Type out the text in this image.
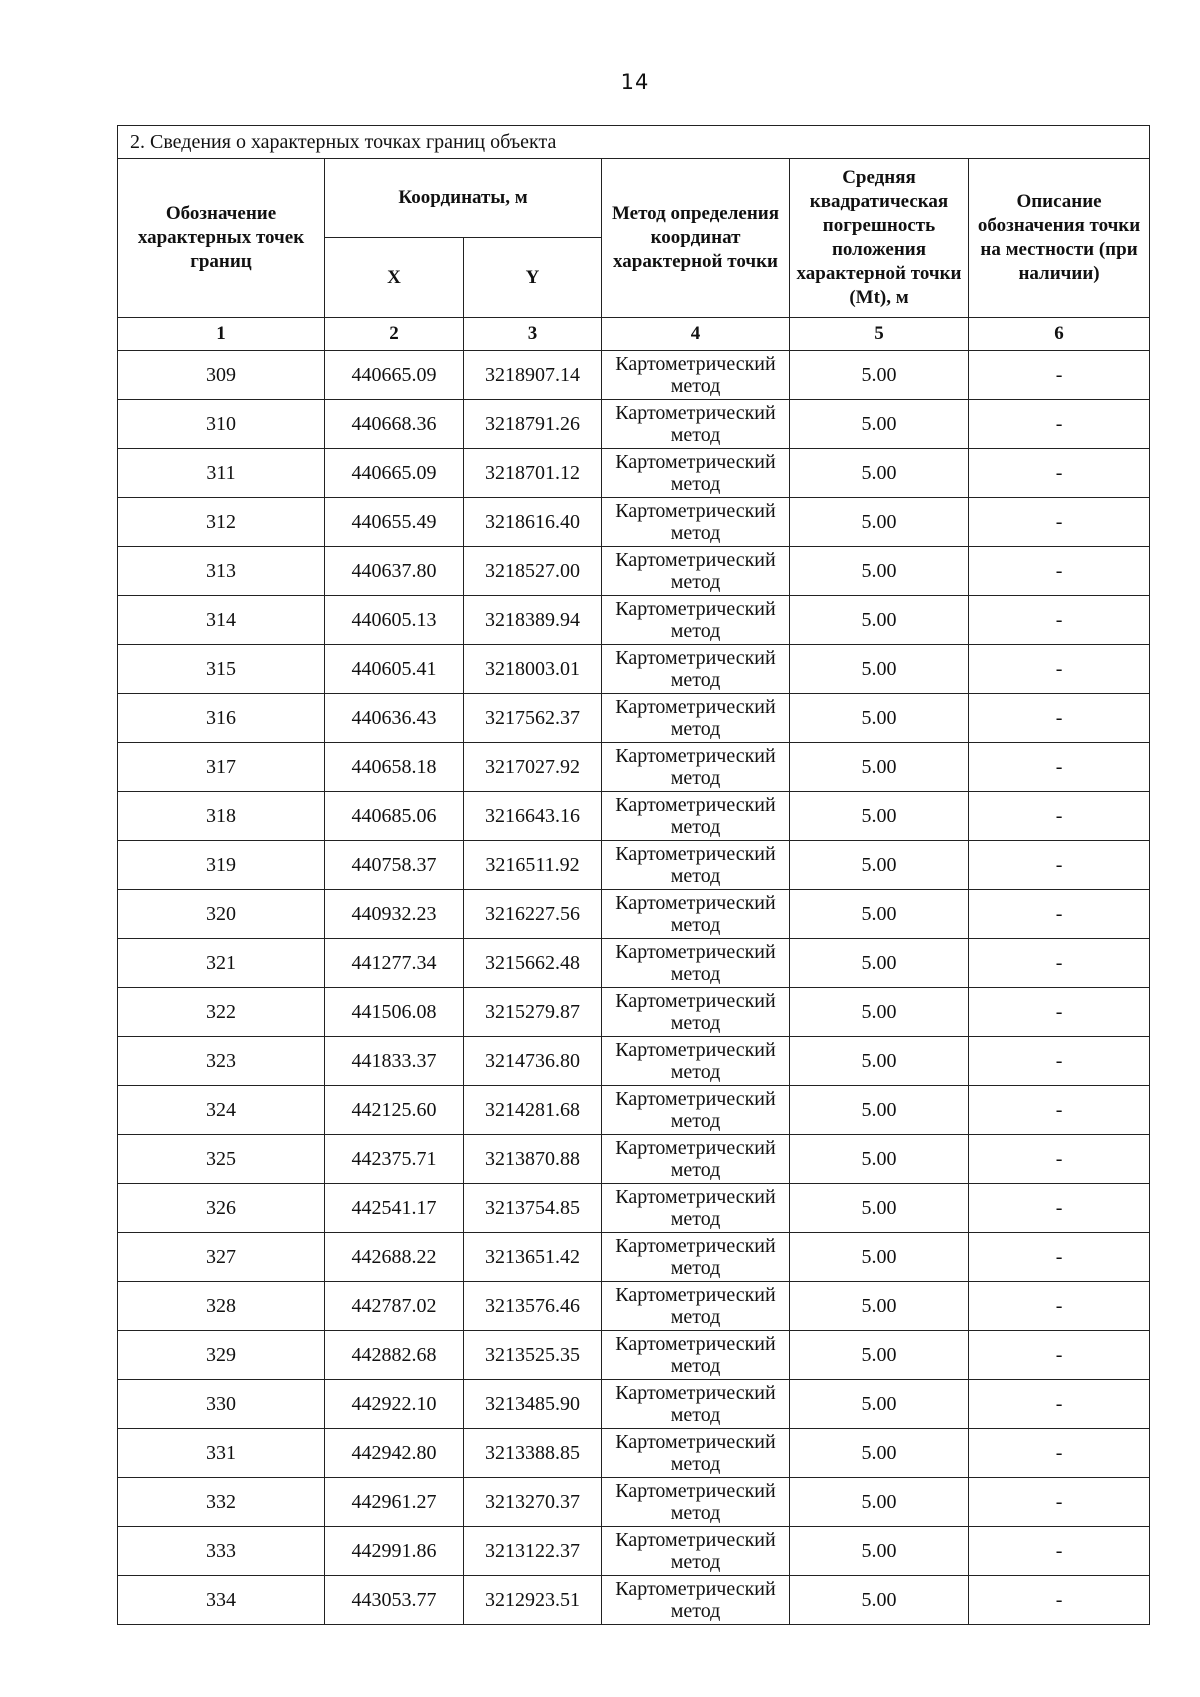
14
2. Сведения о характерных точках границ объекта					
Обозначение характерных точек границ	Координаты, м		Метод определения координат характерной точки	Средняя квадратическая погрешность положения характерной точки (Mt), м	Описание обозначения точки на местности (при наличии)
	X	Y			
1	2	3	4	5	6
309	440665.09	3218907.14	Картометрический метод	5.00	-
310	440668.36	3218791.26	Картометрический метод	5.00	-
311	440665.09	3218701.12	Картометрический метод	5.00	-
312	440655.49	3218616.40	Картометрический метод	5.00	-
313	440637.80	3218527.00	Картометрический метод	5.00	-
314	440605.13	3218389.94	Картометрический метод	5.00	-
315	440605.41	3218003.01	Картометрический метод	5.00	-
316	440636.43	3217562.37	Картометрический метод	5.00	-
317	440658.18	3217027.92	Картометрический метод	5.00	-
318	440685.06	3216643.16	Картометрический метод	5.00	-
319	440758.37	3216511.92	Картометрический метод	5.00	-
320	440932.23	3216227.56	Картометрический метод	5.00	-
321	441277.34	3215662.48	Картометрический метод	5.00	-
322	441506.08	3215279.87	Картометрический метод	5.00	-
323	441833.37	3214736.80	Картометрический метод	5.00	-
324	442125.60	3214281.68	Картометрический метод	5.00	-
325	442375.71	3213870.88	Картометрический метод	5.00	-
326	442541.17	3213754.85	Картометрический метод	5.00	-
327	442688.22	3213651.42	Картометрический метод	5.00	-
328	442787.02	3213576.46	Картометрический метод	5.00	-
329	442882.68	3213525.35	Картометрический метод	5.00	-
330	442922.10	3213485.90	Картометрический метод	5.00	-
331	442942.80	3213388.85	Картометрический метод	5.00	-
332	442961.27	3213270.37	Картометрический метод	5.00	-
333	442991.86	3213122.37	Картометрический метод	5.00	-
334	443053.77	3212923.51	Картометрический метод	5.00	-
